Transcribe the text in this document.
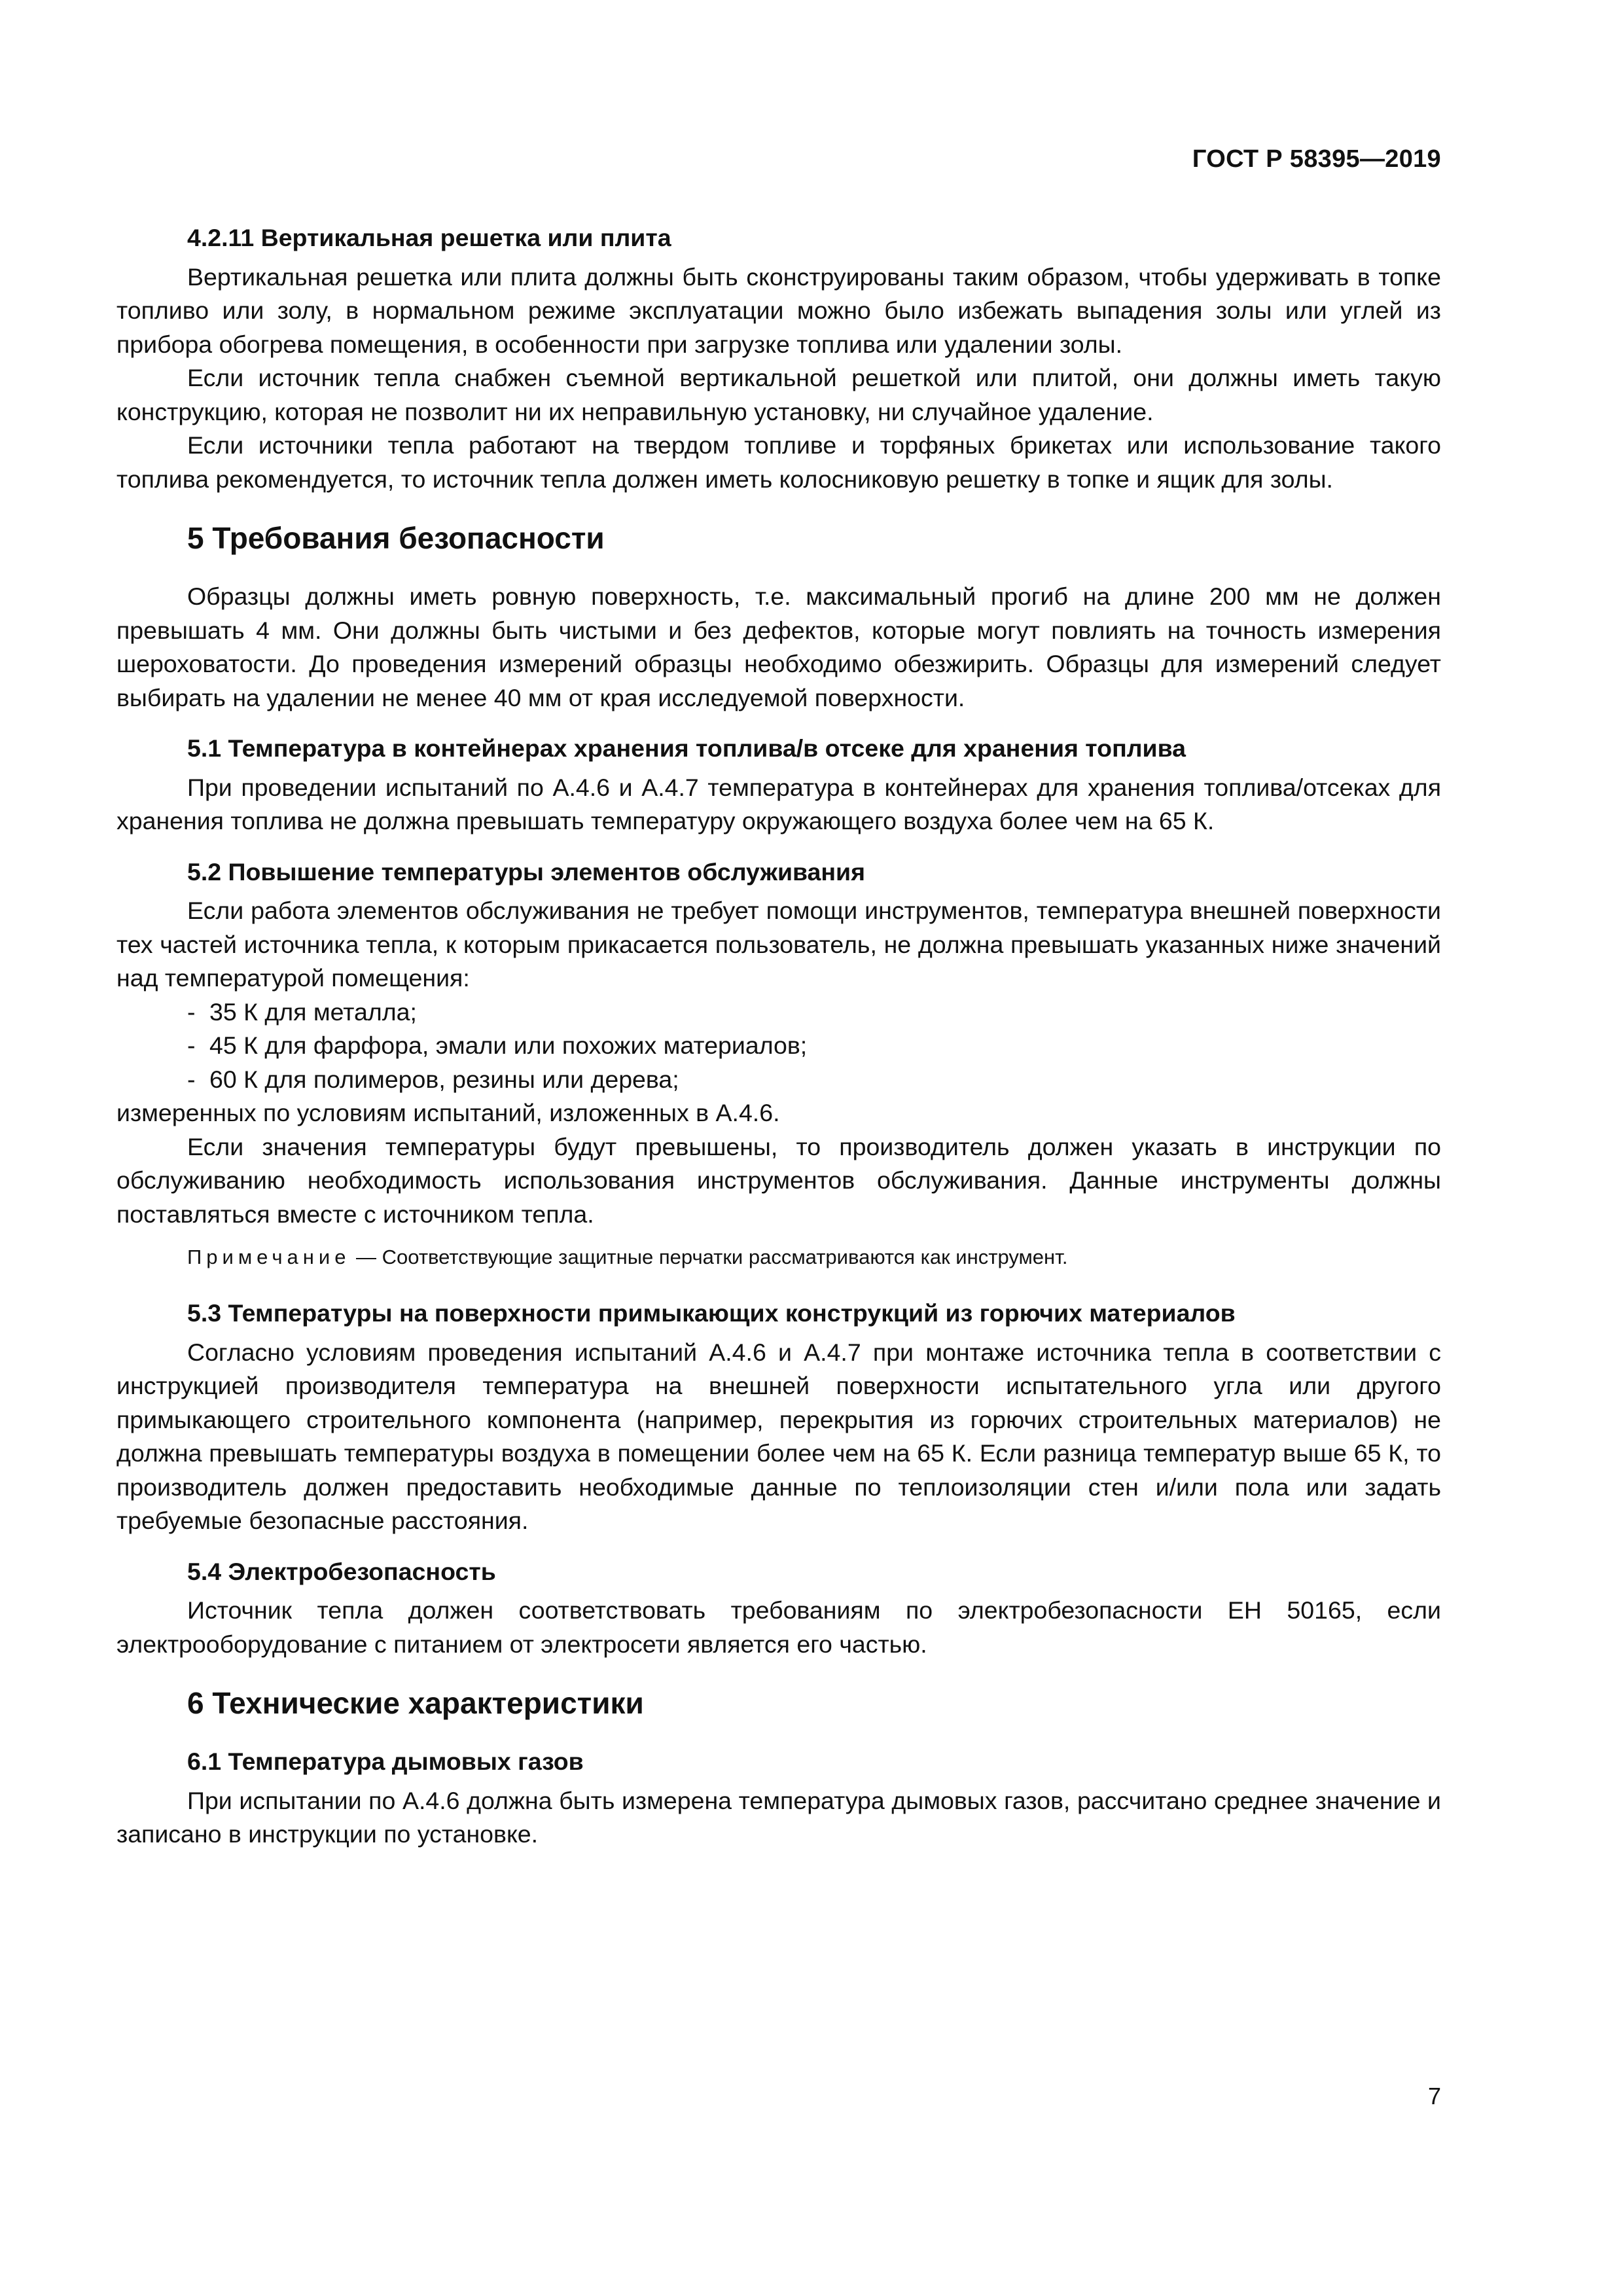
ГОСТ Р 58395—2019

4.2.11 Вертикальная решетка или плита

Вертикальная решетка или плита должны быть сконструированы таким образом, чтобы удерживать в топке топливо или золу, в нормальном режиме эксплуатации можно было избежать выпадения золы или углей из прибора обогрева помещения, в особенности при загрузке топлива или удалении золы.

Если источник тепла снабжен съемной вертикальной решеткой или плитой, они должны иметь такую конструкцию, которая не позволит ни их неправильную установку, ни случайное удаление.

Если источники тепла работают на твердом топливе и торфяных брикетах или использование такого топлива рекомендуется, то источник тепла должен иметь колосниковую решетку в топке и ящик для золы.

5 Требования безопасности

Образцы должны иметь ровную поверхность, т.е. максимальный прогиб на длине 200 мм не должен превышать 4 мм. Они должны быть чистыми и без дефектов, которые могут повлиять на точность измерения шероховатости. До проведения измерений образцы необходимо обезжирить. Образцы для измерений следует выбирать на удалении не менее 40 мм от края исследуемой поверхности.

5.1 Температура в контейнерах хранения топлива/в отсеке для хранения топлива

При проведении испытаний по А.4.6 и А.4.7 температура в контейнерах для хранения топлива/отсеках для хранения топлива не должна превышать температуру окружающего воздуха более чем на 65 К.

5.2 Повышение температуры элементов обслуживания

Если работа элементов обслуживания не требует помощи инструментов, температура внешней поверхности тех частей источника тепла, к которым прикасается пользователь, не должна превышать указанных ниже значений над температурой помещения:

- 35 К для металла;
- 45 К для фарфора, эмали или похожих материалов;
- 60 К для полимеров, резины или дерева;

измеренных по условиям испытаний, изложенных в А.4.6.

Если значения температуры будут превышены, то производитель должен указать в инструкции по обслуживанию необходимость использования инструментов обслуживания. Данные инструменты должны поставляться вместе с источником тепла.

Примечание — Соответствующие защитные перчатки рассматриваются как инструмент.

5.3 Температуры на поверхности примыкающих конструкций из горючих материалов

Согласно условиям проведения испытаний А.4.6 и А.4.7 при монтаже источника тепла в соответствии с инструкцией производителя температура на внешней поверхности испытательного угла или другого примыкающего строительного компонента (например, перекрытия из горючих строительных материалов) не должна превышать температуры воздуха в помещении более чем на 65 К. Если разница температур выше 65 К, то производитель должен предоставить необходимые данные по теплоизоляции стен и/или пола или задать требуемые безопасные расстояния.

5.4 Электробезопасность

Источник тепла должен соответствовать требованиям по электробезопасности ЕН 50165, если электрооборудование с питанием от электросети является его частью.

6 Технические характеристики

6.1 Температура дымовых газов

При испытании по А.4.6 должна быть измерена температура дымовых газов, рассчитано среднее значение и записано в инструкции по установке.

7
